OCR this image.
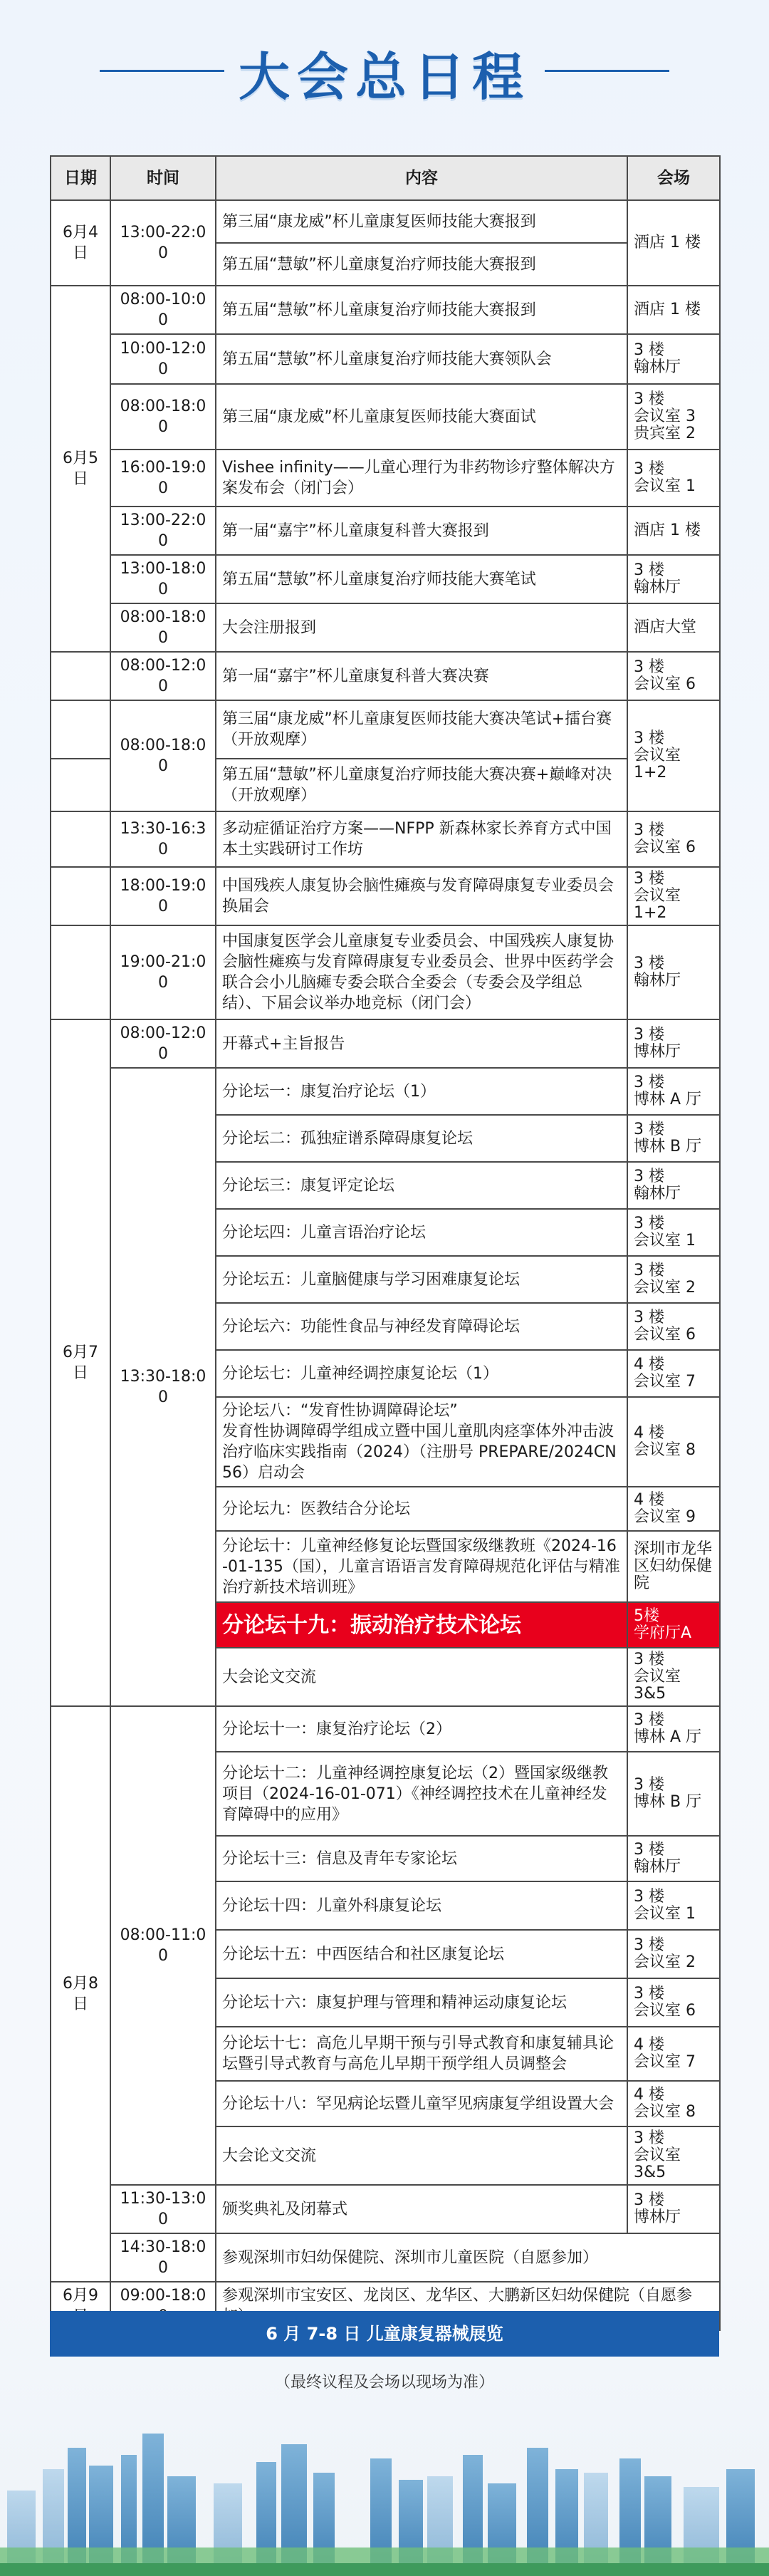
大会总日程
日期	时间	内容	会场
6月4日	13:00-22:00	第三届“康龙威”杯儿童康复医师技能大赛报到	酒店 1 楼
		第五届“慧敏”杯儿童康复治疗师技能大赛报到	
6月5日	08:00-10:00	第五届“慧敏”杯儿童康复治疗师技能大赛报到	酒店 1 楼
	10:00-12:00	第五届“慧敏”杯儿童康复治疗师技能大赛领队会	3 楼
翰林厅
	08:00-18:00	第三届“康龙威”杯儿童康复医师技能大赛面试	3 楼
会议室 3
贵宾室 2
	16:00-19:00	Vishee infinity——儿童心理行为非药物诊疗整体解决方案发布会（闭门会）	3 楼
会议室 1
	13:00-22:00	第一届“嘉宇”杯儿童康复科普大赛报到	酒店 1 楼
	13:00-18:00	第五届“慧敏”杯儿童康复治疗师技能大赛笔试	3 楼
翰林厅
	08:00-18:00	大会注册报到	酒店大堂
	08:00-12:00	第一届“嘉宇”杯儿童康复科普大赛决赛	3 楼
会议室 6
	08:00-18:00	第三届“康龙威”杯儿童康复医师技能大赛决笔试+擂台赛（开放观摩）	3 楼
会议室
1+2
		第五届“慧敏”杯儿童康复治疗师技能大赛决赛+巅峰对决（开放观摩）	
	13:30-16:30	多动症循证治疗方案——NFPP 新森林家长养育方式中国本土实践研讨工作坊	3 楼
会议室 6
	18:00-19:00	中国残疾人康复协会脑性瘫痪与发育障碍康复专业委员会换届会	3 楼
会议室
1+2
	19:00-21:00	中国康复医学会儿童康复专业委员会、中国残疾人康复协会脑性瘫痪与发育障碍康复专业委员会、世界中医药学会联合会小儿脑瘫专委会联合全委会（专委会及学组总结）、下届会议举办地竞标（闭门会）	3 楼
翰林厅
6月7日	08:00-12:00	开幕式+主旨报告	3 楼
博林厅
	13:30-18:00	分论坛一：康复治疗论坛（1）	3 楼
博林 A 厅
		分论坛二：孤独症谱系障碍康复论坛	3 楼
博林 B 厅
		分论坛三：康复评定论坛	3 楼
翰林厅
		分论坛四：儿童言语治疗论坛	3 楼
会议室 1
		分论坛五：儿童脑健康与学习困难康复论坛	3 楼
会议室 2
		分论坛六：功能性食品与神经发育障碍论坛	3 楼
会议室 6
		分论坛七：儿童神经调控康复论坛（1）	4 楼
会议室 7
		分论坛八：“发育性协调障碍论坛”
发育性协调障碍学组成立暨中国儿童肌肉痉挛体外冲击波治疗临床实践指南（2024）（注册号 PREPARE/2024CN56）启动会	4 楼
会议室 8
		分论坛九：医教结合分论坛	4 楼
会议室 9
		分论坛十：儿童神经修复论坛暨国家级继教班《2024-16-01-135（国），儿童言语语言发育障碍规范化评估与精准治疗新技术培训班》	深圳市龙华区妇幼保健院
		分论坛十九：振动治疗技术论坛	5楼
学府厅A
		大会论文交流	3 楼
会议室
3&5
6月8日	08:00-11:00	分论坛十一：康复治疗论坛（2）	3 楼
博林 A 厅
		分论坛十二：儿童神经调控康复论坛（2）暨国家级继教项目（2024-16-01-071）《神经调控技术在儿童神经发育障碍中的应用》	3 楼
博林 B 厅
		分论坛十三：信息及青年专家论坛	3 楼
翰林厅
		分论坛十四：儿童外科康复论坛	3 楼
会议室 1
		分论坛十五：中西医结合和社区康复论坛	3 楼
会议室 2
		分论坛十六：康复护理与管理和精神运动康复论坛	3 楼
会议室 6
		分论坛十七：高危儿早期干预与引导式教育和康复辅具论坛暨引导式教育与高危儿早期干预学组人员调整会	4 楼
会议室 7
		分论坛十八：罕见病论坛暨儿童罕见病康复学组设置大会	4 楼
会议室 8
		大会论文交流	3 楼
会议室
3&5
	11:30-13:00	颁奖典礼及闭幕式	3 楼
博林厅
	14:30-18:00	参观深圳市妇幼保健院、深圳市儿童医院（自愿参加）	
6月9	09:00-18:0	参观深圳市宝安区、龙岗区、龙华区、大鹏新区妇幼保健院（自愿参	
6 月 7-8 日 儿童康复器械展览
（最终议程及会场以现场为准）
